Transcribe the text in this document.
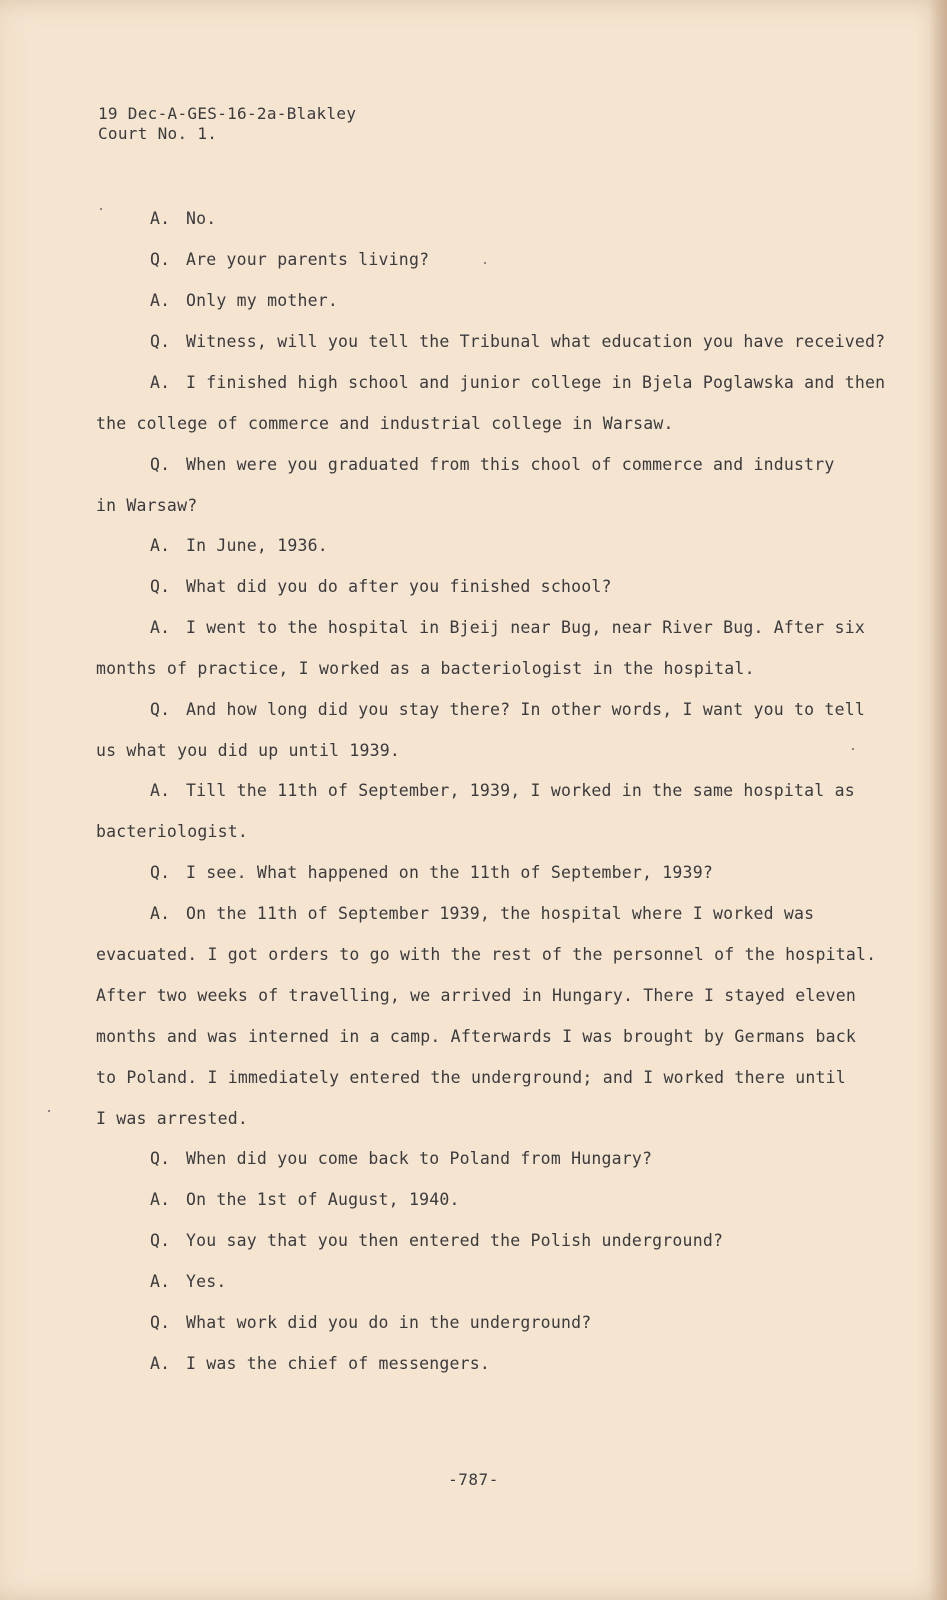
19 Dec-A-GES-16-2a-Blakley
Court No. 1.
A. No.
Q. Are your parents living?
A. Only my mother.
Q. Witness, will you tell the Tribunal what education you have received?
A. I finished high school and junior college in Bjela Poglawska and then
the college of commerce and industrial college in Warsaw.
Q. When were you graduated from this chool of commerce and industry
in Warsaw?
A. In June, 1936.
Q. What did you do after you finished school?
A. I went to the hospital in Bjeij near Bug, near River Bug. After six
months of practice, I worked as a bacteriologist in the hospital.
Q. And how long did you stay there? In other words, I want you to tell
us what you did up until 1939.
A. Till the 11th of September, 1939, I worked in the same hospital as
bacteriologist.
Q. I see. What happened on the 11th of September, 1939?
A. On the 11th of September 1939, the hospital where I worked was
evacuated. I got orders to go with the rest of the personnel of the hospital.
After two weeks of travelling, we arrived in Hungary. There I stayed eleven
months and was interned in a camp. Afterwards I was brought by Germans back
to Poland. I immediately entered the underground; and I worked there until
I was arrested.
Q. When did you come back to Poland from Hungary?
A. On the 1st of August, 1940.
Q. You say that you then entered the Polish underground?
A. Yes.
Q. What work did you do in the underground?
A. I was the chief of messengers.
-787-
